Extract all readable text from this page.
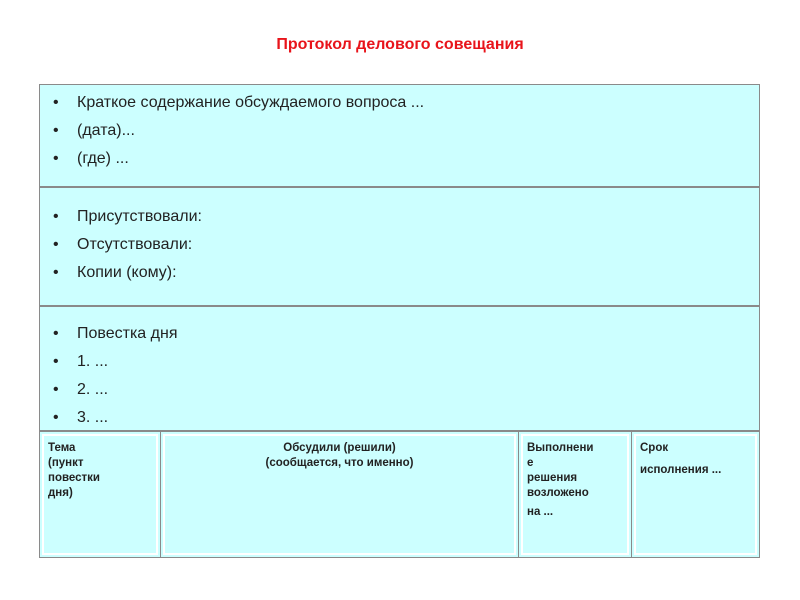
Протокол делового совещания
• Краткое содержание обсуждаемого вопроса ...
• (дата)...
• (где) ...
• Присутствовали:
• Отсутствовали:
• Копии (кому):
• Повестка дня
• 1. ...
• 2. ...
• 3. ...
Тема
(пункт
повестки
дня)
Обсудили (решили)
(сообщается, что именно)
Выполнени
е
решения
возложено
на ...
Срок
исполнения ...
